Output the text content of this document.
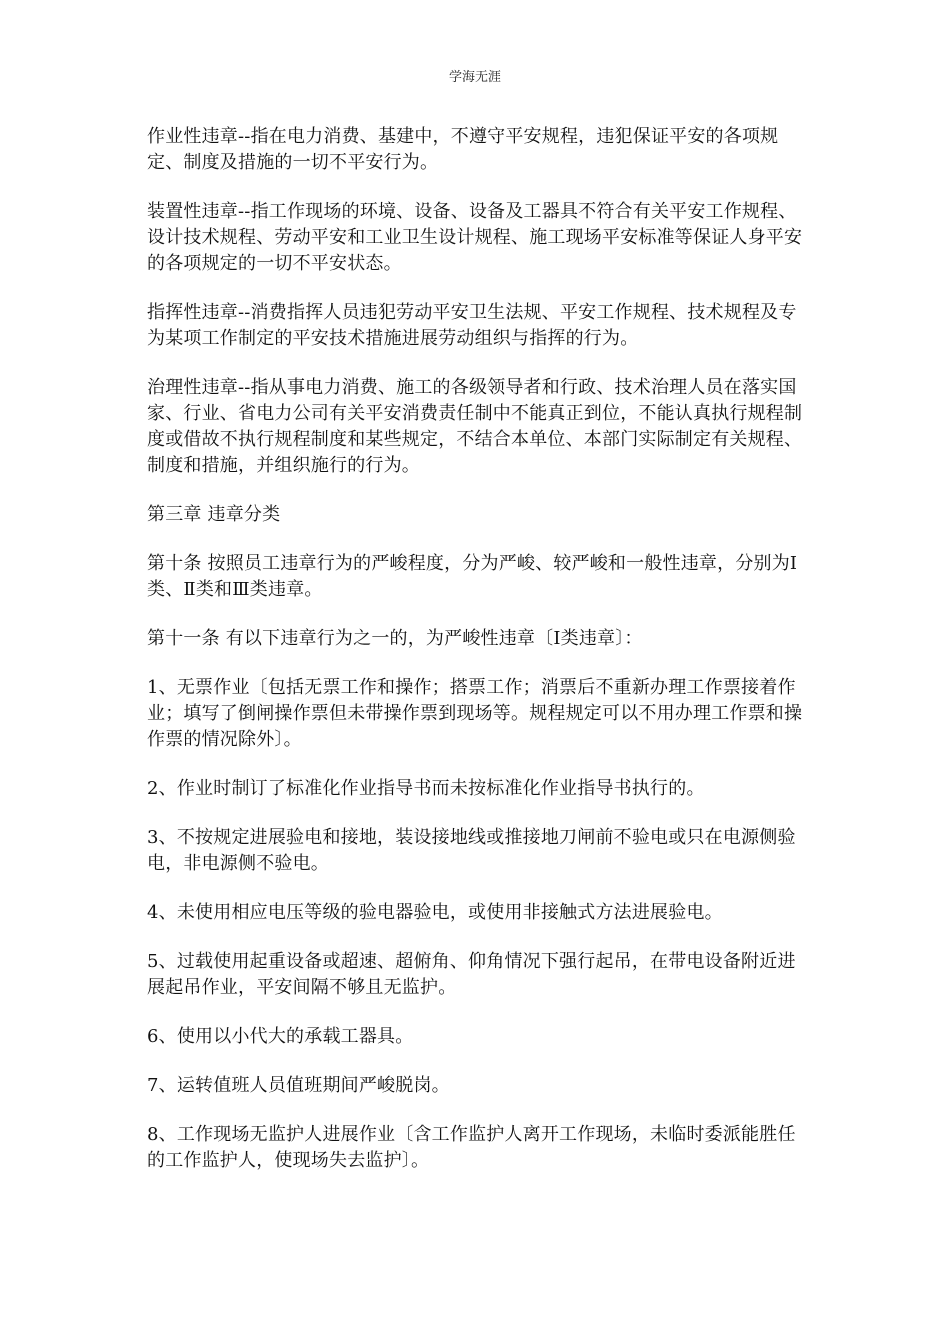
学海无涯

作业性违章--指在电力消费、基建中，不遵守平安规程，违犯保证平安的各项规定、制度及措施的一切不平安行为。

装置性违章--指工作现场的环境、设备、设备及工器具不符合有关平安工作规程、设计技术规程、劳动平安和工业卫生设计规程、施工现场平安标准等保证人身平安的各项规定的一切不平安状态。

指挥性违章--消费指挥人员违犯劳动平安卫生法规、平安工作规程、技术规程及专为某项工作制定的平安技术措施进展劳动组织与指挥的行为。

治理性违章--指从事电力消费、施工的各级领导者和行政、技术治理人员在落实国家、行业、省电力公司有关平安消费责任制中不能真正到位，不能认真执行规程制度或借故不执行规程制度和某些规定，不结合本单位、本部门实际制定有关规程、制度和措施，并组织施行的行为。

第三章 违章分类

第十条 按照员工违章行为的严峻程度，分为严峻、较严峻和一般性违章，分别为Ⅰ类、Ⅱ类和Ⅲ类违章。

第十一条 有以下违章行为之一的，为严峻性违章〔Ⅰ类违章〕：

1、无票作业〔包括无票工作和操作；搭票工作；消票后不重新办理工作票接着作业；填写了倒闸操作票但未带操作票到现场等。规程规定可以不用办理工作票和操作票的情况除外〕。

2、作业时制订了标准化作业指导书而未按标准化作业指导书执行的。

3、不按规定进展验电和接地，装设接地线或推接地刀闸前不验电或只在电源侧验电，非电源侧不验电。

4、未使用相应电压等级的验电器验电，或使用非接触式方法进展验电。

5、过载使用起重设备或超速、超俯角、仰角情况下强行起吊，在带电设备附近进展起吊作业，平安间隔不够且无监护。

6、使用以小代大的承载工器具。

7、运转值班人员值班期间严峻脱岗。

8、工作现场无监护人进展作业〔含工作监护人离开工作现场，未临时委派能胜任的工作监护人，使现场失去监护〕。
